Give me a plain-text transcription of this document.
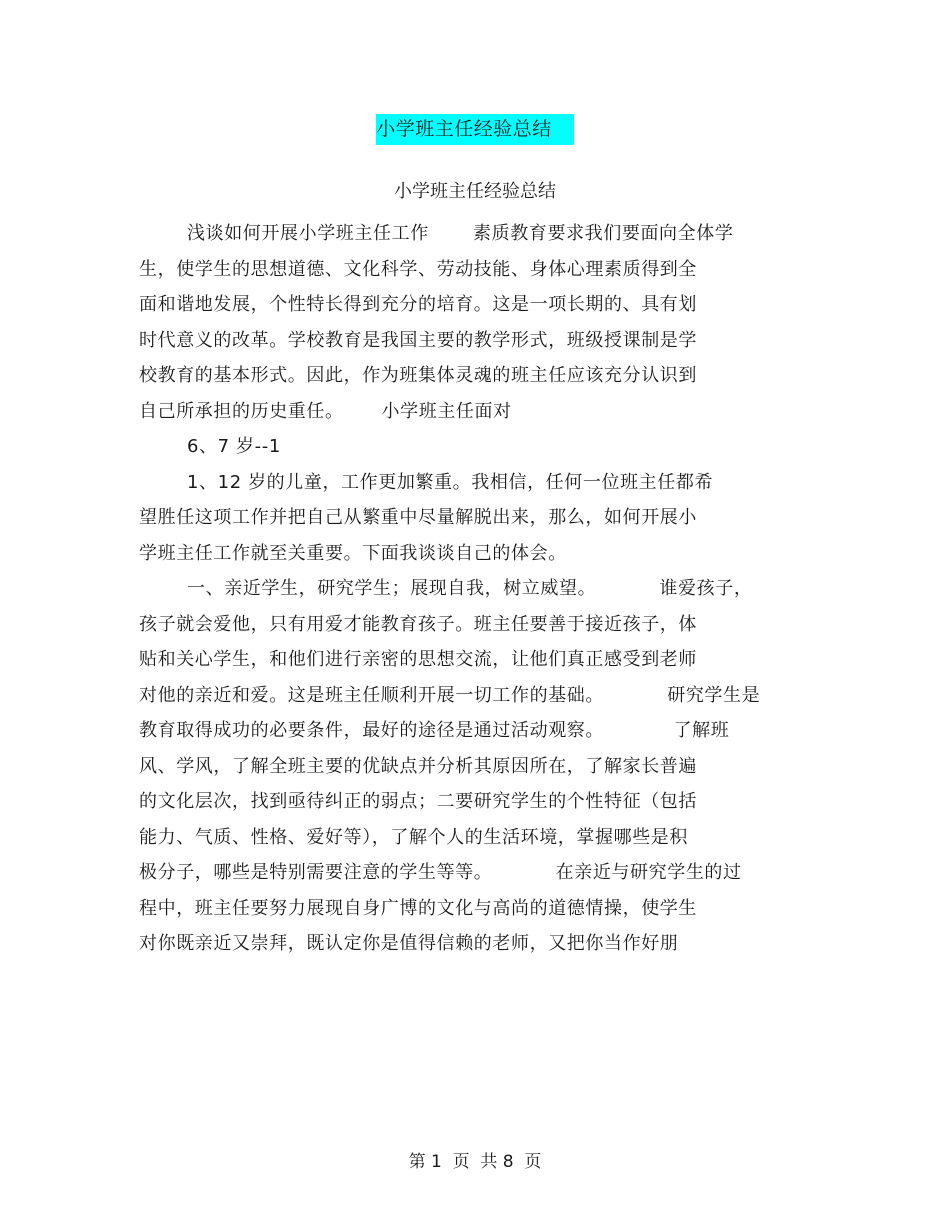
小学班主任经验总结
小学班主任经验总结
浅谈如何开展小学班主任工作       素质教育要求我们要面向全体学
生，使学生的思想道德、文化科学、劳动技能、身体心理素质得到全
面和谐地发展，个性特长得到充分的培育。这是一项长期的、具有划
时代意义的改革。学校教育是我国主要的教学形式，班级授课制是学
校教育的基本形式。因此，作为班集体灵魂的班主任应该充分认识到
自己所承担的历史重任。      小学班主任面对
6、7 岁--1
1、12 岁的儿童，工作更加繁重。我相信，任何一位班主任都希
望胜任这项工作并把自己从繁重中尽量解脱出来，那么，如何开展小
学班主任工作就至关重要。下面我谈谈自己的体会。
一、亲近学生，研究学生；展现自我，树立威望。          谁爱孩子，
孩子就会爱他，只有用爱才能教育孩子。班主任要善于接近孩子，体
贴和关心学生，和他们进行亲密的思想交流，让他们真正感受到老师
对他的亲近和爱。这是班主任顺利开展一切工作的基础。          研究学生是
教育取得成功的必要条件，最好的途径是通过活动观察。           了解班
风、学风，了解全班主要的优缺点并分析其原因所在，了解家长普遍
的文化层次，找到亟待纠正的弱点；二要研究学生的个性特征（包括
能力、气质、性格、爱好等），了解个人的生活环境，掌握哪些是积
极分子，哪些是特别需要注意的学生等等。          在亲近与研究学生的过
程中，班主任要努力展现自身广博的文化与高尚的道德情操，使学生
对你既亲近又崇拜，既认定你是值得信赖的老师，又把你当作好朋
第 1  页  共 8  页
